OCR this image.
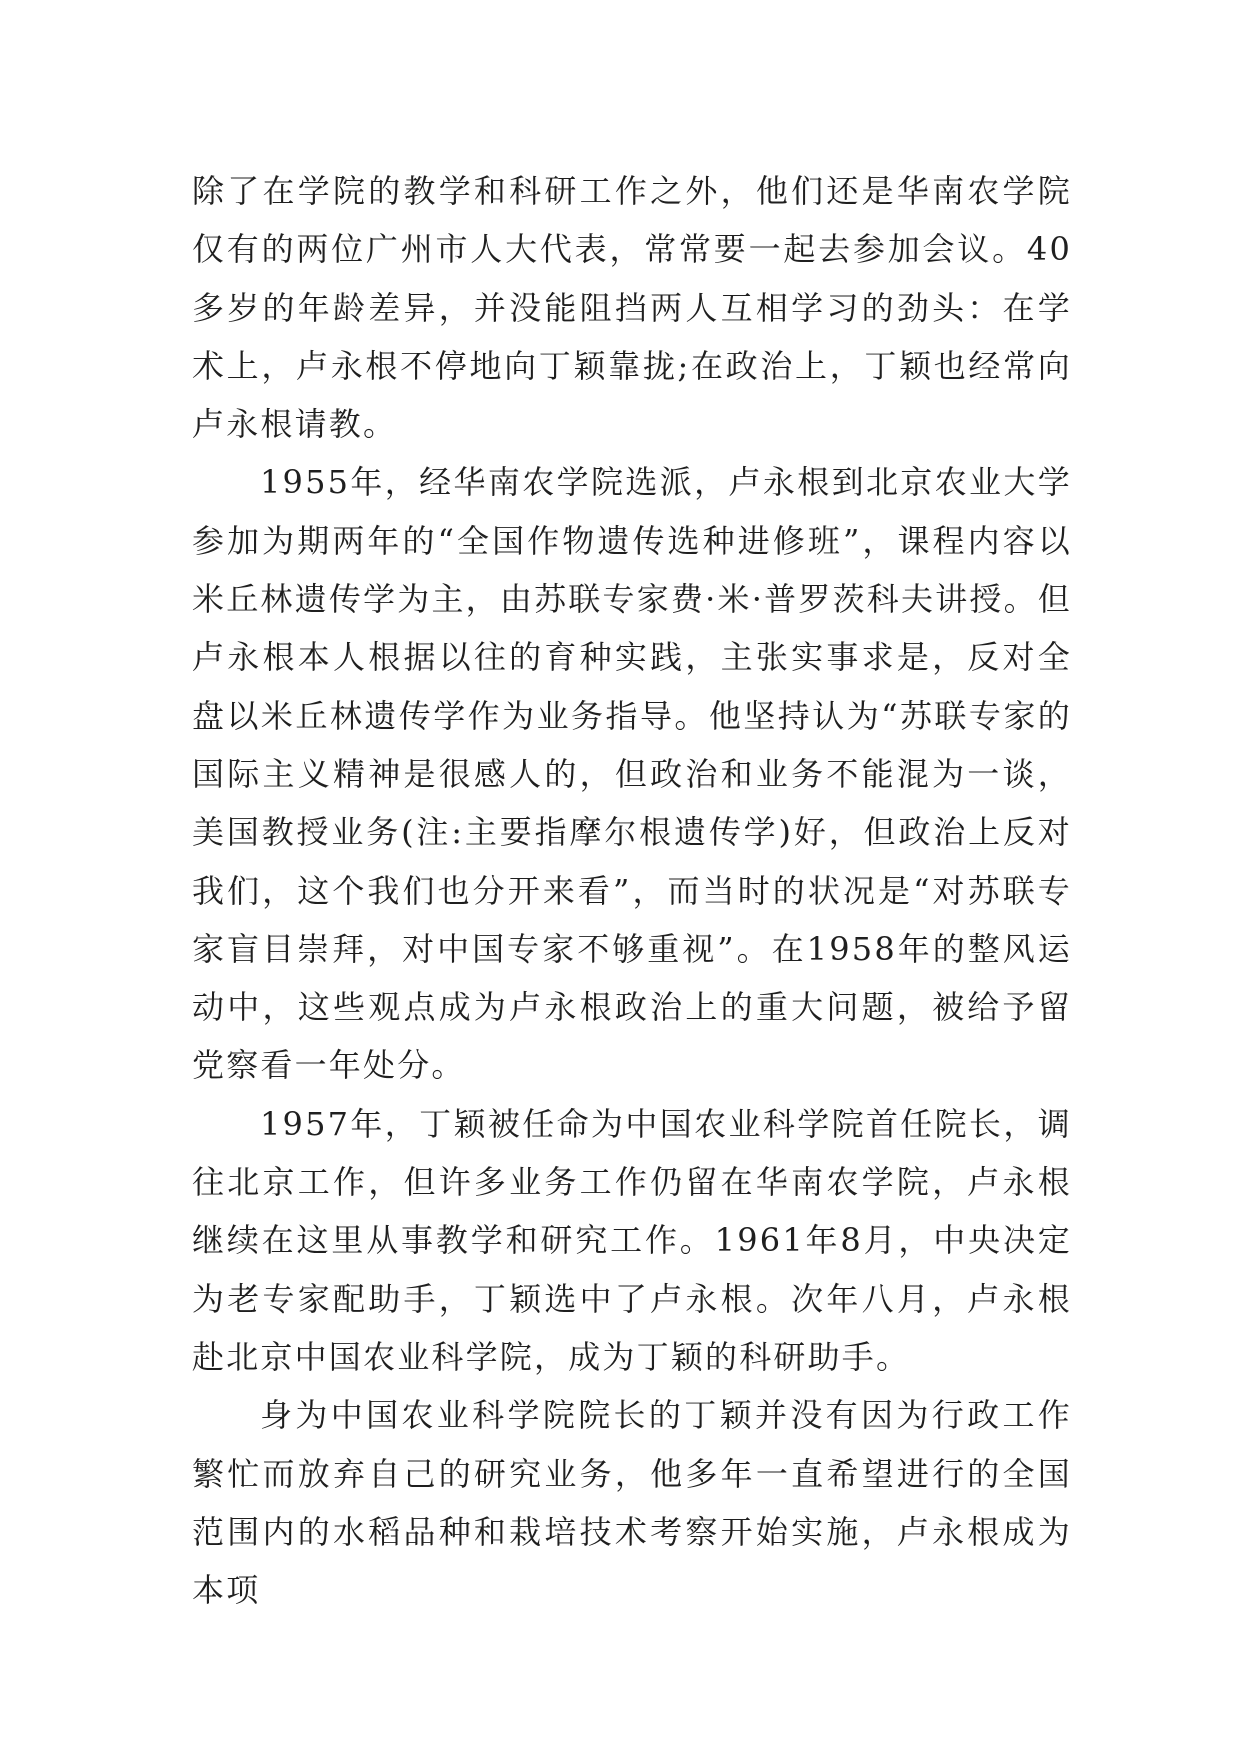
除了在学院的教学和科研工作之外，他们还是华南农学院仅有的两位广州市人大代表，常常要一起去参加会议。40多岁的年龄差异，并没能阻挡两人互相学习的劲头：在学术上，卢永根不停地向丁颖靠拢;在政治上，丁颖也经常向卢永根请教。

1955年，经华南农学院选派，卢永根到北京农业大学参加为期两年的“全国作物遗传选种进修班”，课程内容以米丘林遗传学为主，由苏联专家费·米·普罗茨科夫讲授。但卢永根本人根据以往的育种实践，主张实事求是，反对全盘以米丘林遗传学作为业务指导。他坚持认为“苏联专家的国际主义精神是很感人的，但政治和业务不能混为一谈，美国教授业务(注:主要指摩尔根遗传学)好，但政治上反对我们，这个我们也分开来看”，而当时的状况是“对苏联专家盲目崇拜，对中国专家不够重视”。在1958年的整风运动中，这些观点成为卢永根政治上的重大问题，被给予留党察看一年处分。

1957年，丁颖被任命为中国农业科学院首任院长，调往北京工作，但许多业务工作仍留在华南农学院，卢永根继续在这里从事教学和研究工作。1961年8月，中央决定为老专家配助手，丁颖选中了卢永根。次年八月，卢永根赴北京中国农业科学院，成为丁颖的科研助手。

身为中国农业科学院院长的丁颖并没有因为行政工作繁忙而放弃自己的研究业务，他多年一直希望进行的全国范围内的水稻品种和栽培技术考察开始实施，卢永根成为本项
